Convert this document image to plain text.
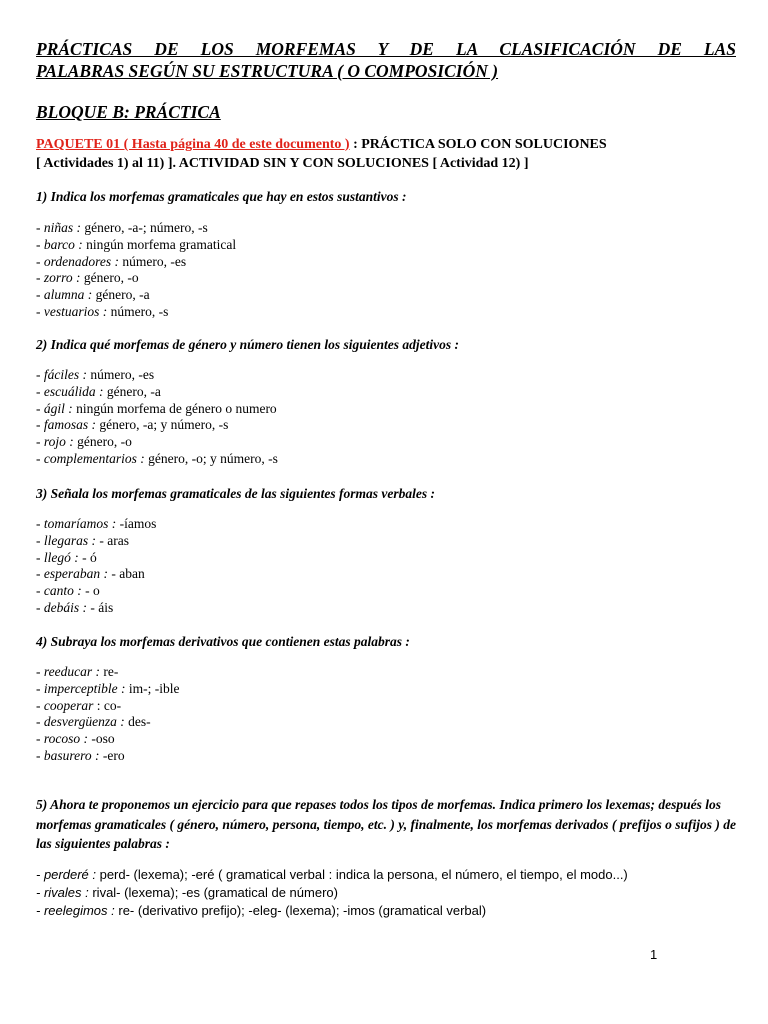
PRÁCTICAS DE LOS MORFEMAS Y DE LA CLASIFICACIÓN DE LAS
PALABRAS SEGÚN SU ESTRUCTURA ( O COMPOSICIÓN )
BLOQUE B: PRÁCTICA
PAQUETE 01 ( Hasta página 40 de este documento ) : PRÁCTICA SOLO CON SOLUCIONES
[ Actividades 1) al 11) ]. ACTIVIDAD SIN Y CON SOLUCIONES [ Actividad 12) ]
1) Indica los morfemas gramaticales que hay en estos sustantivos :
- niñas : género, -a-; número, -s
- barco : ningún morfema gramatical
- ordenadores : número, -es
- zorro : género, -o
- alumna : género, -a
- vestuarios : número, -s
2) Indica qué morfemas de género y número tienen los siguientes adjetivos :
- fáciles : número, -es
- escuálida : género, -a
- ágil : ningún morfema de género o numero
- famosas : género, -a; y número, -s
- rojo : género, -o
- complementarios : género, -o; y número, -s
3) Señala los morfemas gramaticales de las siguientes formas verbales :
- tomaríamos : -íamos
- llegaras : - aras
- llegó : - ó
- esperaban : - aban
- canto : - o
- debáis : - áis
4) Subraya los morfemas derivativos que contienen estas palabras :
- reeducar : re-
- imperceptible : im-; -ible
- cooperar : co-
- desvergüenza : des-
- rocoso : -oso
- basurero : -ero
5) Ahora te proponemos un ejercicio para que repases todos los tipos de morfemas. Indica primero los lexemas; después los morfemas gramaticales ( género, número, persona, tiempo, etc. ) y, finalmente, los morfemas derivados ( prefijos o sufijos ) de las siguientes palabras :
- perderé : perd- (lexema); -eré ( gramatical verbal : indica la persona, el número, el tiempo, el modo...)
- rivales : rival- (lexema); -es (gramatical de número)
- reelegimos : re- (derivativo prefijo); -eleg- (lexema); -imos (gramatical verbal)
1
